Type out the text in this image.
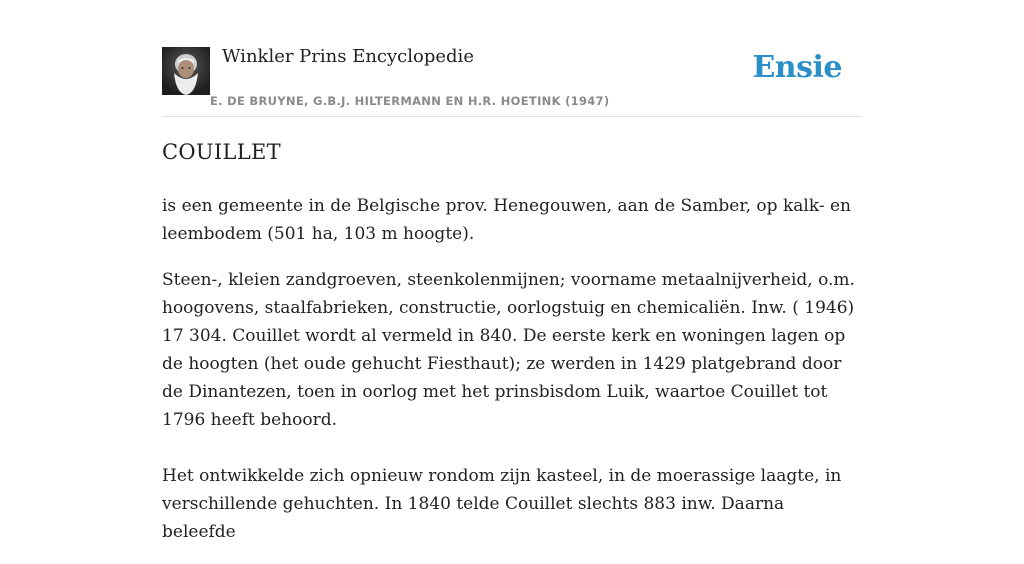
Winkler Prins Encyclopedie
E. DE BRUYNE, G.B.J. HILTERMANN EN H.R. HOETINK (1947)
Ensie
COUILLET

is een gemeente in de Belgische prov. Henegouwen, aan de Samber, op kalk- en leembodem (501 ha, 103 m hoogte).

Steen-, kleien zandgroeven, steenkolenmijnen; voorname metaalnijverheid, o.m. hoogovens, staalfabrieken, constructie, oorlogstuig en chemicaliën. Inw. ( 1946) 17 304. Couillet wordt al vermeld in 840. De eerste kerk en woningen lagen op de hoogten (het oude gehucht Fiesthaut); ze werden in 1429 platgebrand door de Dinantezen, toen in oorlog met het prinsbisdom Luik, waartoe Couillet tot 1796 heeft behoord.

Het ontwikkelde zich opnieuw rondom zijn kasteel, in de moerassige laagte, in verschillende gehuchten. In 1840 telde Couillet slechts 883 inw. Daarna beleefde
